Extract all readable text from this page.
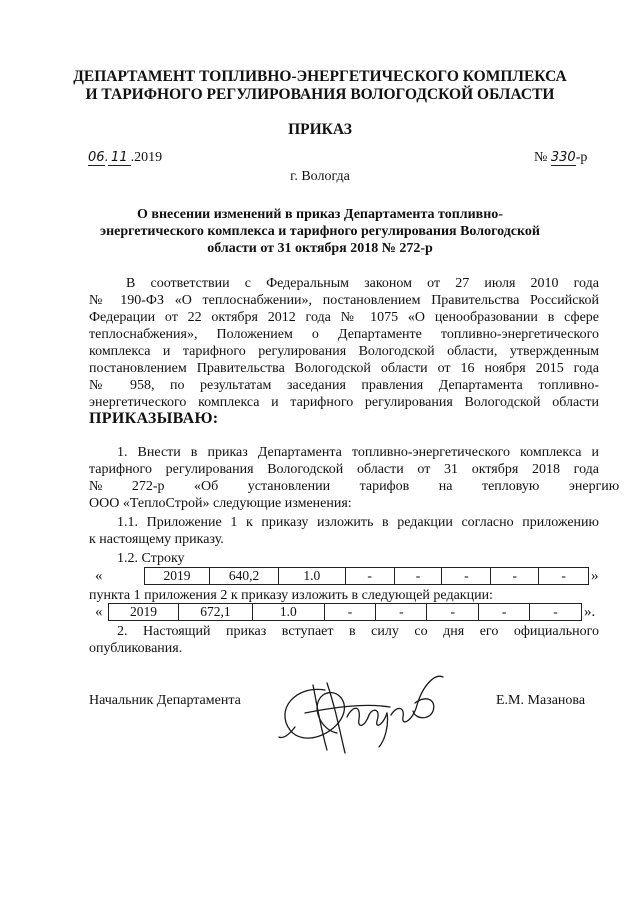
ДЕПАРТАМЕНТ ТОПЛИВНО-ЭНЕРГЕТИЧЕСКОГО КОМПЛЕКСА
И ТАРИФНОГО РЕГУЛИРОВАНИЯ ВОЛОГОДСКОЙ ОБЛАСТИ
ПРИКАЗ
06. 11 .2019	№ 330-р
г. Вологда
О внесении изменений в приказ Департамента топливно-
энергетического комплекса и тарифного регулирования Вологодской
области от 31 октября 2018 № 272-р
В соответствии с Федеральным законом от 27 июля 2010 года
№ 190-ФЗ «О теплоснабжении», постановлением Правительства Российской
Федерации от 22 октября 2012 года № 1075 «О ценообразовании в сфере
теплоснабжения», Положением о Департаменте топливно-энергетического
комплекса и тарифного регулирования Вологодской области, утвержденным
постановлением Правительства Вологодской области от 16 ноября 2015 года
№ 958, по результатам заседания правления Департамента топливно-
энергетического комплекса и тарифного регулирования Вологодской области
ПРИКАЗЫВАЮ:
1. Внести в приказ Департамента топливно-энергетического комплекса и
тарифного регулирования Вологодской области от 31 октября 2018 года
№ 272-р «Об установлении тарифов на тепловую энергию
ООО «ТеплоСтрой» следующие изменения:
1.1. Приложение 1 к приказу изложить в редакции согласно приложению
к настоящему приказу.
1.2. Строку
«	2019	640,2	1.0	-	-	-	-	- »
пункта 1 приложения 2 к приказу изложить в следующей редакции:
« 2019	672,1	1.0	-	-	-	-	- ».
2. Настоящий приказ вступает в силу со дня его официального
опубликования.
Начальник Департамента	Е.М. Мазанова
